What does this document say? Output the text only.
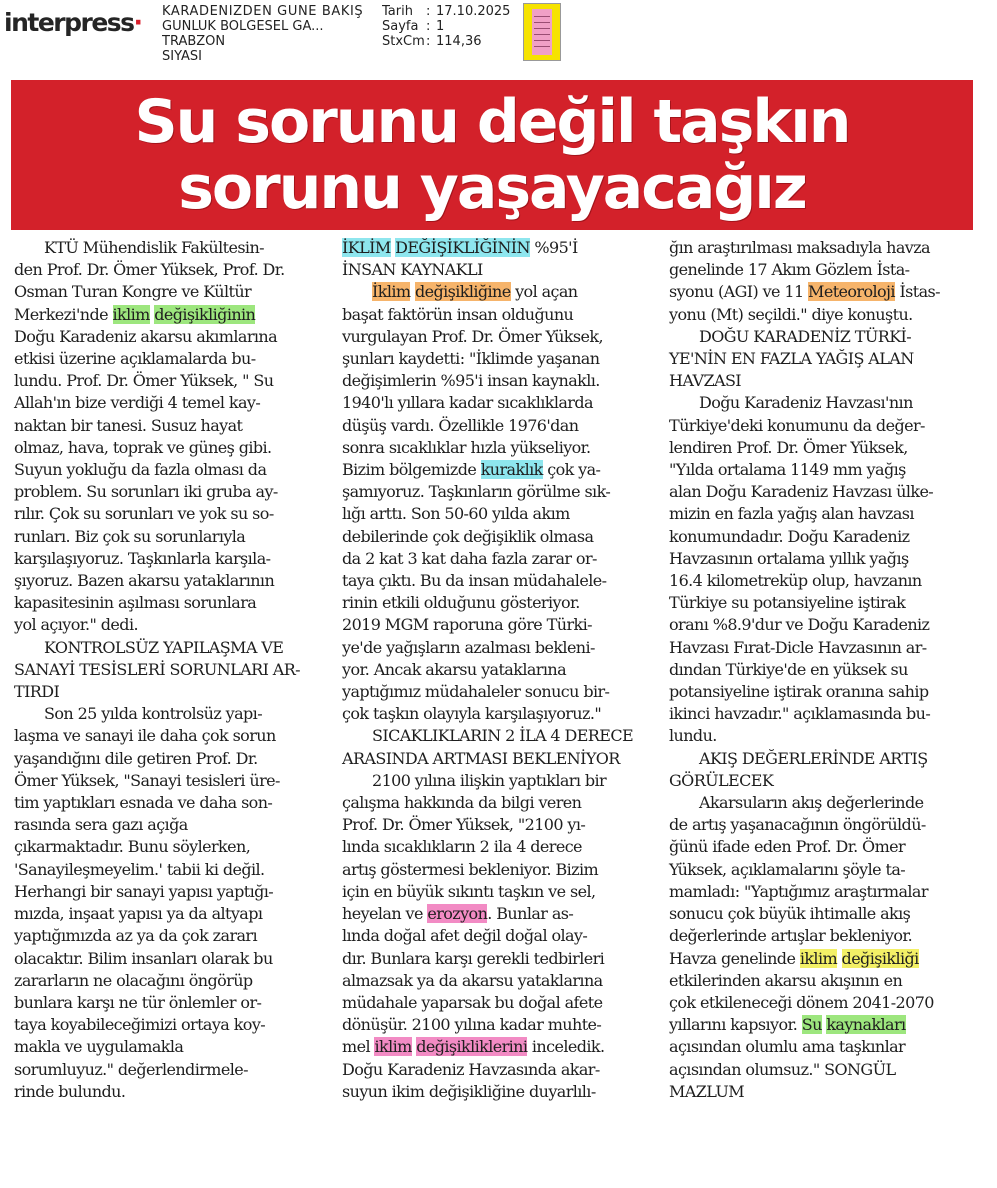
interpress· KARADENİZDEN GÜNE BAKIŞ
GÜNLÜK BÖLGESEL GA...
TRABZON
SİYASİ
Tarih : 17.10.2025
Sayfa : 1
StxCm: 114,36
Su sorunu değil taşkın
sorunu yaşayacağız

KTÜ Mühendislik Fakültesin-

den Prof. Dr. Ömer Yüksek, Prof. Dr.

Osman Turan Kongre ve Kültür

Merkezi'nde iklim değişikliğinin

Doğu Karadeniz akarsu akımlarına

etkisi üzerine açıklamalarda bu-

lundu. Prof. Dr. Ömer Yüksek, " Su

Allah'ın bize verdiği 4 temel kay-

naktan bir tanesi. Susuz hayat

olmaz, hava, toprak ve güneş gibi.

Suyun yokluğu da fazla olması da

problem. Su sorunları iki gruba ay-

rılır. Çok su sorunları ve yok su so-

runları. Biz çok su sorunlarıyla

karşılaşıyoruz. Taşkınlarla karşıla-

şıyoruz. Bazen akarsu yataklarının

kapasitesinin aşılması sorunlara

yol açıyor." dedi.

KONTROLSÜZ YAPILAŞMA VE

SANAYİ TESİSLERİ SORUNLARI AR-

TIRDI

Son 25 yılda kontrolsüz yapı-

laşma ve sanayi ile daha çok sorun

yaşandığını dile getiren Prof. Dr.

Ömer Yüksek, "Sanayi tesisleri üre-

tim yaptıkları esnada ve daha son-

rasında sera gazı açığa

çıkarmaktadır. Bunu söylerken,

'Sanayileşmeyelim.' tabii ki değil.

Herhangi bir sanayi yapısı yaptığı-

mızda, inşaat yapısı ya da altyapı

yaptığımızda az ya da çok zararı

olacaktır. Bilim insanları olarak bu

zararların ne olacağını öngörüp

bunlara karşı ne tür önlemler or-

taya koyabileceğimizi ortaya koy-

makla ve uygulamakla

sorumluyuz." değerlendirmele-

rinde bulundu.

İKLİM DEĞİŞİKLİĞİNİN %95'İ

İNSAN KAYNAKLI

İklim değişikliğine yol açan

başat faktörün insan olduğunu

vurgulayan Prof. Dr. Ömer Yüksek,

şunları kaydetti: "İklimde yaşanan

değişimlerin %95'i insan kaynaklı.

1940'lı yıllara kadar sıcaklıklarda

düşüş vardı. Özellikle 1976'dan

sonra sıcaklıklar hızla yükseliyor.

Bizim bölgemizde kuraklık çok ya-

şamıyoruz. Taşkınların görülme sık-

lığı arttı. Son 50-60 yılda akım

debilerinde çok değişiklik olmasa

da 2 kat 3 kat daha fazla zarar or-

taya çıktı. Bu da insan müdahalele-

rinin etkili olduğunu gösteriyor.

2019 MGM raporuna göre Türki-

ye'de yağışların azalması bekleni-

yor. Ancak akarsu yataklarına

yaptığımız müdahaleler sonucu bir-

çok taşkın olayıyla karşılaşıyoruz."

SICAKLIKLARIN 2 İLA 4 DERECE

ARASINDA ARTMASI BEKLENİYOR

2100 yılına ilişkin yaptıkları bir

çalışma hakkında da bilgi veren

Prof. Dr. Ömer Yüksek, "2100 yı-

lında sıcaklıkların 2 ila 4 derece

artış göstermesi bekleniyor. Bizim

için en büyük sıkıntı taşkın ve sel,

heyelan ve erozyon. Bunlar as-

lında doğal afet değil doğal olay-

dır. Bunlara karşı gerekli tedbirleri

almazsak ya da akarsu yataklarına

müdahale yaparsak bu doğal afete

dönüşür. 2100 yılına kadar muhte-

mel iklim değişikliklerini inceledik.

Doğu Karadeniz Havzasında akar-

suyun ikim değişikliğine duyarlılı-

ğın araştırılması maksadıyla havza

genelinde 17 Akım Gözlem İsta-

syonu (AGI) ve 11 Meteoroloji İstas-

yonu (Mt) seçildi." diye konuştu.

DOĞU KARADENİZ TÜRKİ-

YE'NİN EN FAZLA YAĞIŞ ALAN

HAVZASI

Doğu Karadeniz Havzası'nın

Türkiye'deki konumunu da değer-

lendiren Prof. Dr. Ömer Yüksek,

"Yılda ortalama 1149 mm yağış

alan Doğu Karadeniz Havzası ülke-

mizin en fazla yağış alan havzası

konumundadır. Doğu Karadeniz

Havzasının ortalama yıllık yağış

16.4 kilometreküp olup, havzanın

Türkiye su potansiyeline iştirak

oranı %8.9'dur ve Doğu Karadeniz

Havzası Fırat-Dicle Havzasının ar-

dından Türkiye'de en yüksek su

potansiyeline iştirak oranına sahip

ikinci havzadır." açıklamasında bu-

lundu.

AKIŞ DEĞERLERİNDE ARTIŞ

GÖRÜLECEK

Akarsuların akış değerlerinde

de artış yaşanacağının öngörüldü-

ğünü ifade eden Prof. Dr. Ömer

Yüksek, açıklamalarını şöyle ta-

mamladı: "Yaptığımız araştırmalar

sonucu çok büyük ihtimalle akış

değerlerinde artışlar bekleniyor.

Havza genelinde iklim değişikliği

etkilerinden akarsu akışının en

çok etkileneceği dönem 2041-2070

yıllarını kapsıyor. Su kaynakları

açısından olumlu ama taşkınlar

açısından olumsuz." SONGÜL

MAZLUM
